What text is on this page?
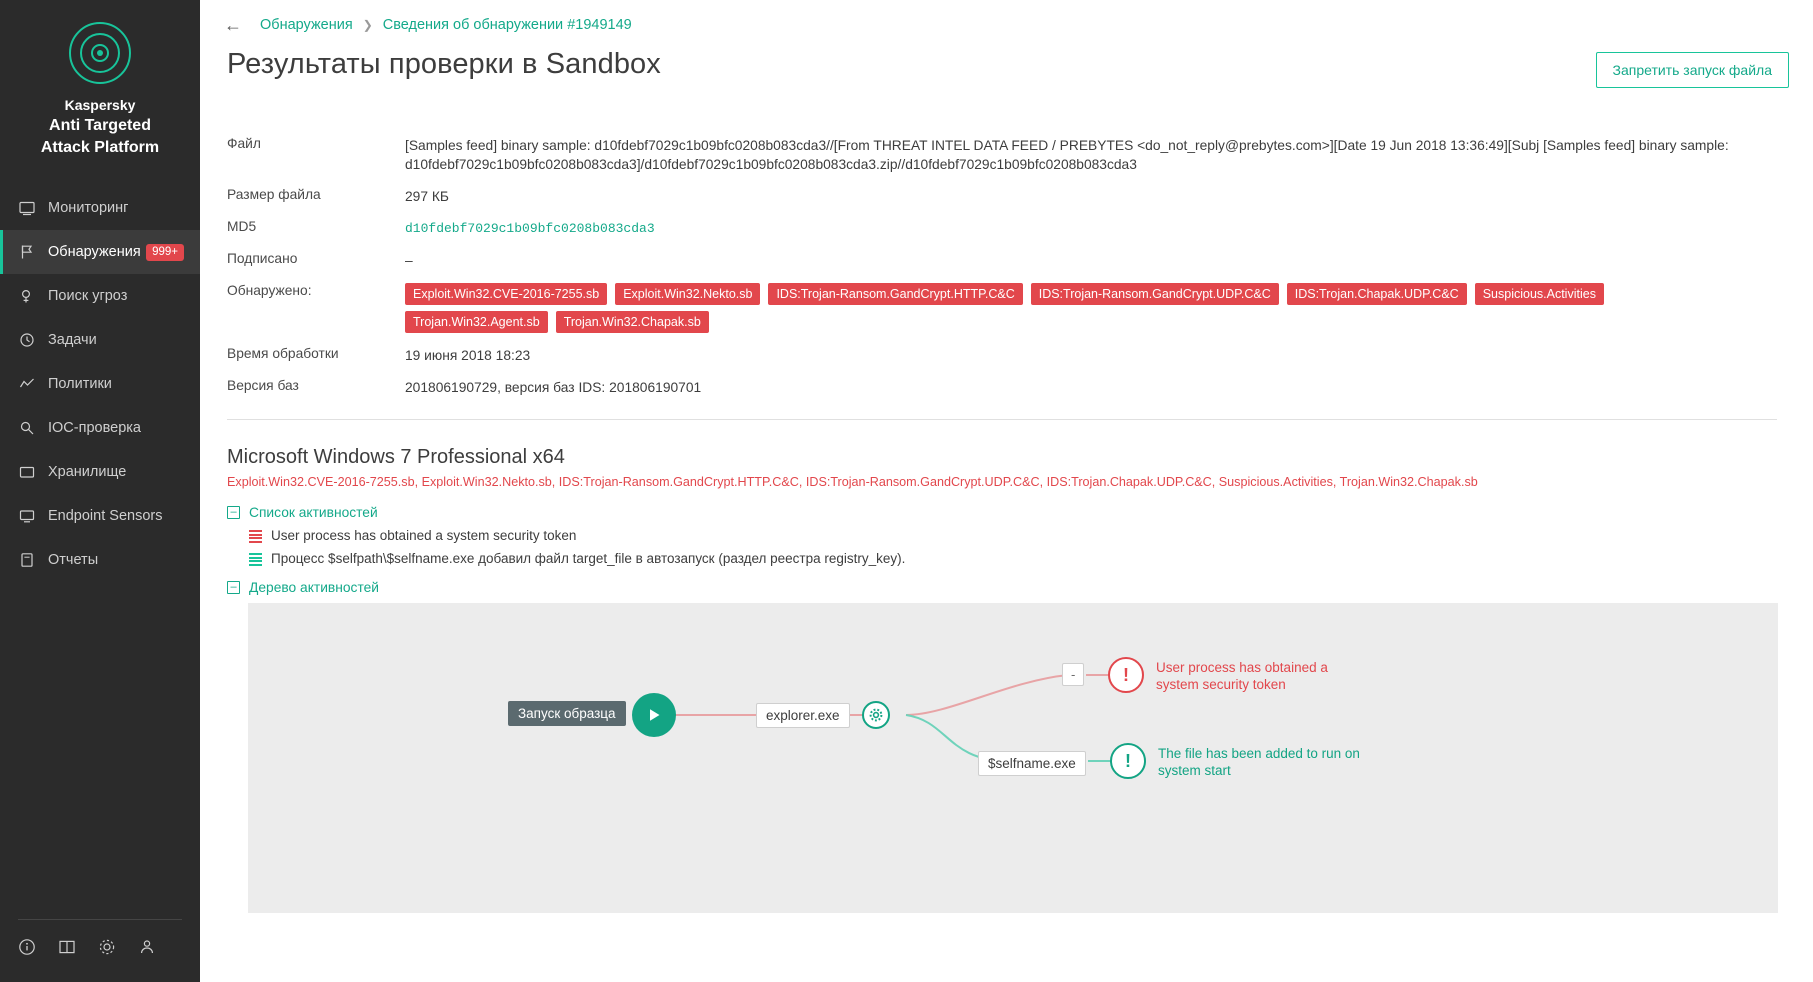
Kaspersky
Anti Targeted
Attack Platform
Мониторинг
Обнаружения 999+
Поиск угроз
Задачи
Политики
IOC-проверка
Хранилище
Endpoint Sensors
Отчеты
← Обнаружения ❯ Сведения об обнаружении #1949149
Результаты проверки в Sandbox	Запретить запуск файла
Файл	[Samples feed] binary sample: d10fdebf7029c1b09bfc0208b083cda3//[From THREAT INTEL DATA FEED / PREBYTES <do_not_reply@prebytes.com>][Date 19 Jun 2018 13:36:49][Subj [Samples feed] binary sample: d10fdebf7029c1b09bfc0208b083cda3]/d10fdebf7029c1b09bfc0208b083cda3.zip//d10fdebf7029c1b09bfc0208b083cda3
Размер файла	297 КБ
MD5	d10fdebf7029c1b09bfc0208b083cda3
Подписано	–
Обнаружено:	Exploit.Win32.CVE-2016-7255.sb	Exploit.Win32.Nekto.sb	IDS:Trojan-Ransom.GandCrypt.HTTP.C&C	IDS:Trojan-Ransom.GandCrypt.UDP.C&C	IDS:Trojan.Chapak.UDP.C&C	Suspicious.Activities
Trojan.Win32.Agent.sb	Trojan.Win32.Chapak.sb
Время обработки	19 июня 2018 18:23
Версия баз	201806190729, версия баз IDS: 201806190701
Microsoft Windows 7 Professional x64
Exploit.Win32.CVE-2016-7255.sb, Exploit.Win32.Nekto.sb, IDS:Trojan-Ransom.GandCrypt.HTTP.C&C, IDS:Trojan-Ransom.GandCrypt.UDP.C&C, IDS:Trojan.Chapak.UDP.C&C, Suspicious.Activities, Trojan.Win32.Chapak.sb
– Список активностей
User process has obtained a system security token
Процесс $selfpath\$selfname.exe добавил файл target_file в автозапуск (раздел реестра registry_key).
– Дерево активностей
Запуск образца	explorer.exe
-	!	User process has obtained a system security token
$selfname.exe	!	The file has been added to run on system start
